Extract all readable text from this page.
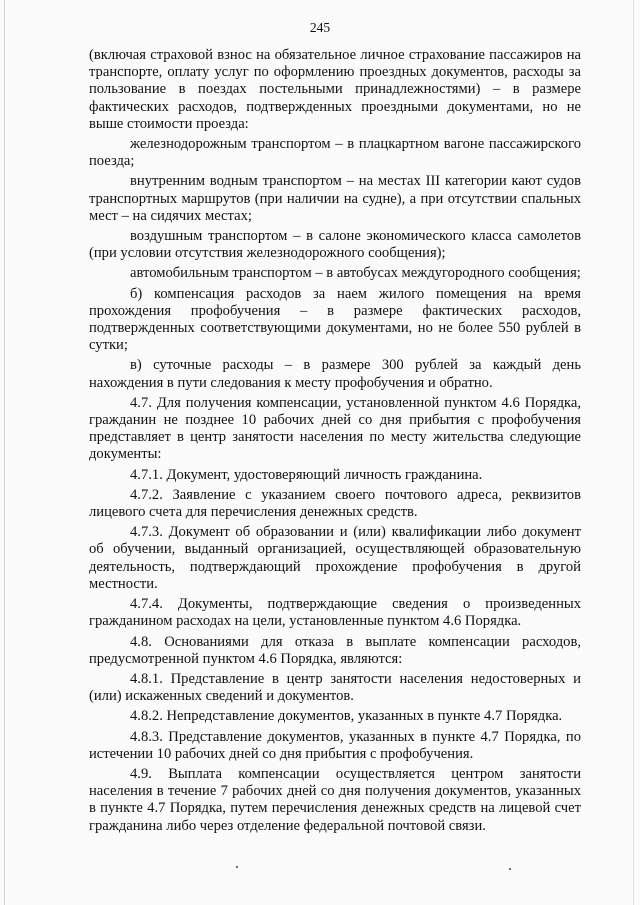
245

(включая страховой взнос на обязательное личное страхование пассажиров на транспорте, оплату услуг по оформлению проездных документов, расходы за пользование в поездах постельными принадлежностями) – в размере фактических расходов, подтвержденных проездными документами, но не выше стоимости проезда:

железнодорожным транспортом – в плацкартном вагоне пассажирского поезда;

внутренним водным транспортом – на местах III категории кают судов транспортных маршрутов (при наличии на судне), а при отсутствии спальных мест – на сидячих местах;

воздушным транспортом – в салоне экономического класса самолетов (при условии отсутствия железнодорожного сообщения);

автомобильным транспортом – в автобусах междугородного сообщения;

б) компенсация расходов за наем жилого помещения на время прохождения профобучения – в размере фактических расходов, подтвержденных соответствующими документами, но не более 550 рублей в сутки;

в) суточные расходы – в размере 300 рублей за каждый день нахождения в пути следования к месту профобучения и обратно.

4.7. Для получения компенсации, установленной пунктом 4.6 Порядка, гражданин не позднее 10 рабочих дней со дня прибытия с профобучения представляет в центр занятости населения по месту жительства следующие документы:

4.7.1. Документ, удостоверяющий личность гражданина.

4.7.2. Заявление с указанием своего почтового адреса, реквизитов лицевого счета для перечисления денежных средств.

4.7.3. Документ об образовании и (или) квалификации либо документ об обучении, выданный организацией, осуществляющей образовательную деятельность, подтверждающий прохождение профобучения в другой местности.

4.7.4. Документы, подтверждающие сведения о произведенных гражданином расходах на цели, установленные пунктом 4.6 Порядка.

4.8. Основаниями для отказа в выплате компенсации расходов, предусмотренной пунктом 4.6 Порядка, являются:

4.8.1. Представление в центр занятости населения недостоверных и (или) искаженных сведений и документов.

4.8.2. Непредставление документов, указанных в пункте 4.7 Порядка.

4.8.3. Представление документов, указанных в пункте 4.7 Порядка, по истечении 10 рабочих дней со дня прибытия с профобучения.

4.9. Выплата компенсации осуществляется центром занятости населения в течение 7 рабочих дней со дня получения документов, указанных в пункте 4.7 Порядка, путем перечисления денежных средств на лицевой счет гражданина либо через отделение федеральной почтовой связи.
